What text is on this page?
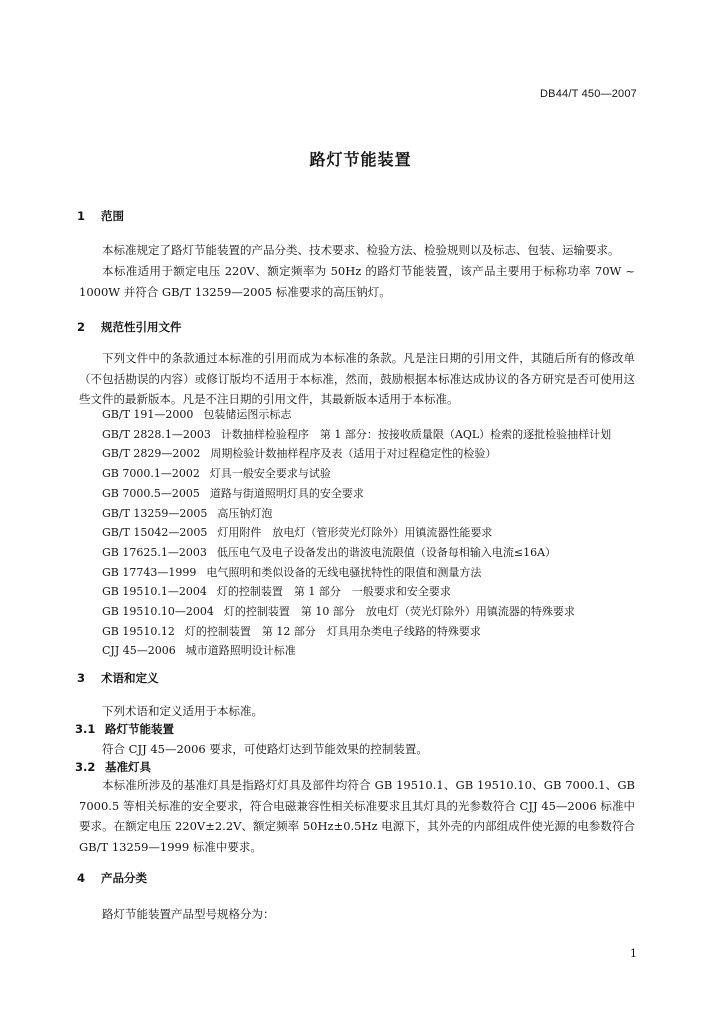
DB44/T 450—2007
路灯节能装置
1 范围
本标准规定了路灯节能装置的产品分类、技术要求、检验方法、检验规则以及标志、包装、运输要求。
本标准适用于额定电压 220V、额定频率为 50Hz 的路灯节能装置，该产品主要用于标称功率 70W ~ 1000W 并符合 GB/T 13259—2005 标准要求的高压钠灯。
2 规范性引用文件
下列文件中的条款通过本标准的引用而成为本标准的条款。凡是注日期的引用文件，其随后所有的修改单（不包括勘误的内容）或修订版均不适用于本标准，然而，鼓励根据本标准达成协议的各方研究是否可使用这些文件的最新版本。凡是不注日期的引用文件，其最新版本适用于本标准。
GB/T 191—2000 包装储运图示标志
GB/T 2828.1—2003 计数抽样检验程序　第 1 部分：按接收质量限（AQL）检索的逐批检验抽样计划
GB/T 2829—2002 周期检验计数抽样程序及表（适用于对过程稳定性的检验）
GB 7000.1—2002 灯具一般安全要求与试验
GB 7000.5—2005 道路与街道照明灯具的安全要求
GB/T 13259—2005 高压钠灯泡
GB/T 15042—2005 灯用附件　放电灯（管形荧光灯除外）用镇流器性能要求
GB 17625.1—2003 低压电气及电子设备发出的谐波电流限值（设备每相输入电流≤16A）
GB 17743—1999 电气照明和类似设备的无线电骚扰特性的限值和测量方法
GB 19510.1—2004 灯的控制装置　第 1 部分　一般要求和安全要求
GB 19510.10—2004 灯的控制装置　第 10 部分　放电灯（荧光灯除外）用镇流器的特殊要求
GB 19510.12 灯的控制装置　第 12 部分　灯具用杂类电子线路的特殊要求
CJJ 45—2006 城市道路照明设计标准
3 术语和定义
下列术语和定义适用于本标准。
3.1 路灯节能装置
符合 CJJ 45—2006 要求，可使路灯达到节能效果的控制装置。
3.2 基准灯具
本标准所涉及的基准灯具是指路灯灯具及部件均符合 GB 19510.1、GB 19510.10、GB 7000.1、GB 7000.5 等相关标准的安全要求，符合电磁兼容性相关标准要求且其灯具的光参数符合 CJJ 45—2006 标准中要求。在额定电压 220V±2.2V、额定频率 50Hz±0.5Hz 电源下，其外壳的内部组成件使光源的电参数符合 GB/T 13259—1999 标准中要求。
4 产品分类
路灯节能装置产品型号规格分为：
1
